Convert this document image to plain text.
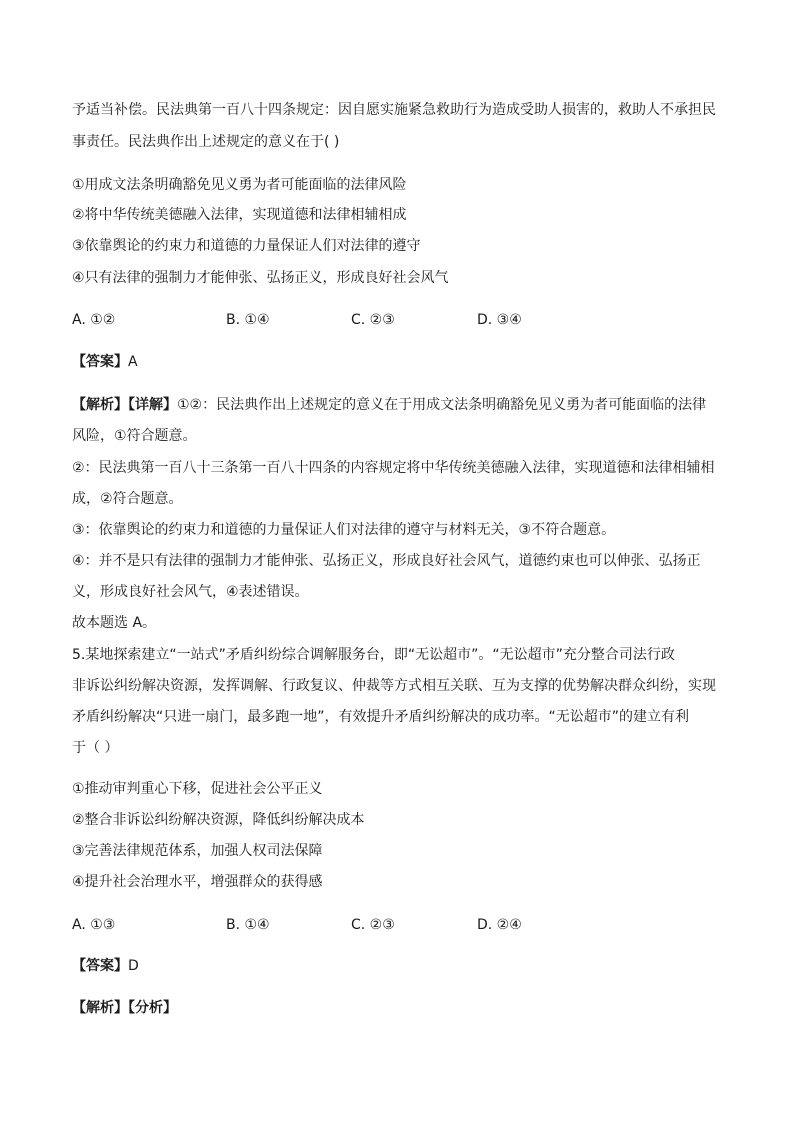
予适当补偿。民法典第一百八十四条规定：因自愿实施紧急救助行为造成受助人损害的，救助人不承担民
事责任。民法典作出上述规定的意义在于( )
①用成文法条明确豁免见义勇为者可能面临的法律风险
②将中华传统美德融入法律，实现道德和法律相辅相成
③依靠舆论的约束力和道德的力量保证人们对法律的遵守
④只有法律的强制力才能伸张、弘扬正义，形成良好社会风气
A. ①②	B. ①④	C. ②③	D. ③④
【答案】A
【解析】【详解】①②：民法典作出上述规定的意义在于用成文法条明确豁免见义勇为者可能面临的法律
风险，①符合题意。
②：民法典第一百八十三条第一百八十四条的内容规定将中华传统美德融入法律，实现道德和法律相辅相
成，②符合题意。
③：依靠舆论的约束力和道德的力量保证人们对法律的遵守与材料无关，③不符合题意。
④：并不是只有法律的强制力才能伸张、弘扬正义，形成良好社会风气，道德约束也可以伸张、弘扬正
义，形成良好社会风气，④表述错误。
故本题选 A。
5.某地探索建立“一站式”矛盾纠纷综合调解服务台，即“无讼超市”。“无讼超市”充分整合司法行政
非诉讼纠纷解决资源，发挥调解、行政复议、仲裁等方式相互关联、互为支撑的优势解决群众纠纷，实现
矛盾纠纷解决“只进一扇门，最多跑一地”，有效提升矛盾纠纷解决的成功率。“无讼超市”的建立有利
于（ ）
①推动审判重心下移，促进社会公平正义
②整合非诉讼纠纷解决资源，降低纠纷解决成本
③完善法律规范体系，加强人权司法保障
④提升社会治理水平，增强群众的获得感
A. ①③	B. ①④	C. ②③	D. ②④
【答案】D
【解析】【分析】
